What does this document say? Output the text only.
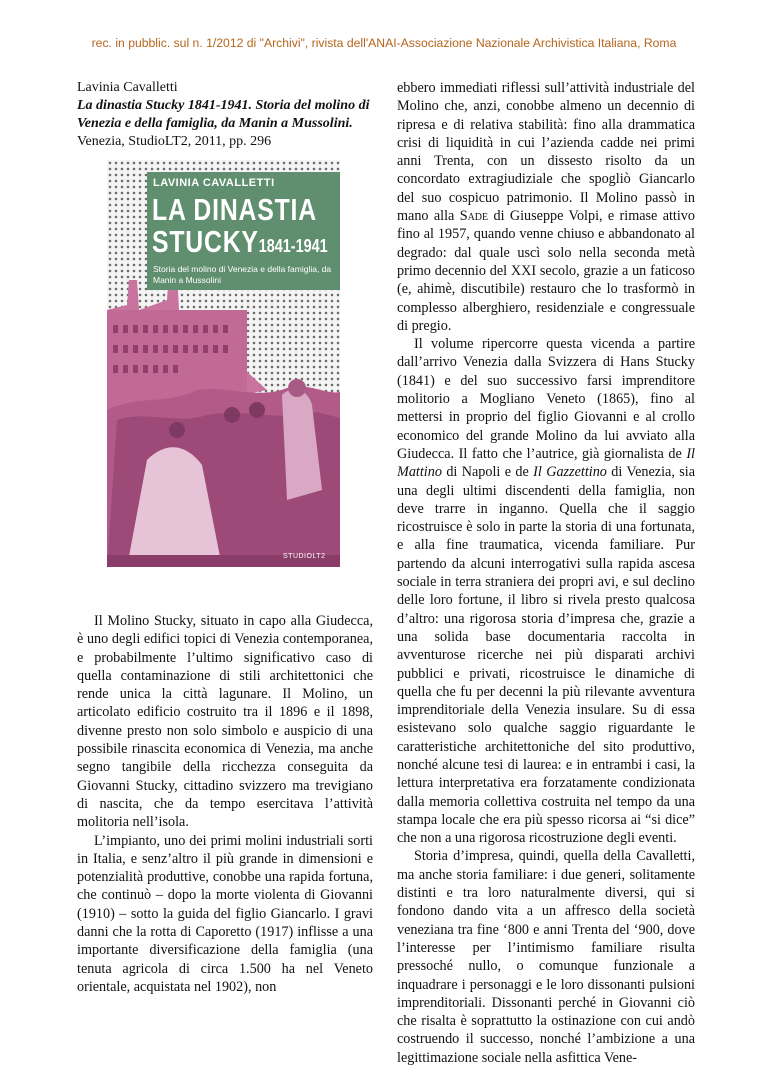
rec. in pubblic. sul n. 1/2012 di "Archivi", rivista dell'ANAI-Associazione Nazionale Archivistica Italiana, Roma
Lavinia Cavalletti
La dinastia Stucky 1841-1941. Storia del molino di Venezia e della famiglia, da Manin a Mussolini.
Venezia, StudioLT2, 2011, pp. 296
LAVINIA CAVALLETTI
LA DINASTIA
STUCKY1841-1941
Storia del molino di Venezia e della famiglia, da Manin a Mussolini
STUDIOLT2

Il Molino Stucky, situato in capo alla Giudecca, è uno degli edifici topici di Venezia contemporanea, e probabilmente l’ultimo significativo caso di quella contaminazione di stili architettonici che rende unica la città lagunare. Il Molino, un articolato edificio costruito tra il 1896 e il 1898, divenne presto non solo simbolo e auspicio di una possibile rinascita economica di Venezia, ma anche segno tangibile della ricchezza conseguita da Giovanni Stucky, cittadino svizzero ma trevigiano di nascita, che da tempo esercitava l’attività molitoria nell’isola.

L’impianto, uno dei primi molini industriali sorti in Italia, e senz’altro il più grande in dimensioni e potenzialità produttive, conobbe una rapida fortuna, che continuò – dopo la morte violenta di Giovanni (1910) – sotto la guida del figlio Giancarlo. I gravi danni che la rotta di Caporetto (1917) inflisse a una importante diversificazione della famiglia (una tenuta agricola di circa 1.500 ha nel Veneto orientale, acquistata nel 1902), non

ebbero immediati riflessi sull’attività industriale del Molino che, anzi, conobbe almeno un decennio di ripresa e di relativa stabilità: fino alla drammatica crisi di liquidità in cui l’azienda cadde nei primi anni Trenta, con un dissesto risolto da un concordato extragiudiziale che spogliò Giancarlo del suo cospicuo patrimonio. Il Molino passò in mano alla Sade di Giuseppe Volpi, e rimase attivo fino al 1957, quando venne chiuso e abbandonato al degrado: dal quale uscì solo nella seconda metà primo decennio del XXI secolo, grazie a un faticoso (e, ahimè, discutibile) restauro che lo trasformò in complesso alberghiero, residenziale e congressuale di pregio.

Il volume ripercorre questa vicenda a partire dall’arrivo Venezia dalla Svizzera di Hans Stucky (1841) e del suo successivo farsi imprenditore molitorio a Mogliano Veneto (1865), fino al mettersi in proprio del figlio Giovanni e al crollo economico del grande Molino da lui avviato alla Giudecca. Il fatto che l’autrice, già giornalista de Il Mattino di Napoli e de Il Gazzettino di Venezia, sia una degli ultimi discendenti della famiglia, non deve trarre in inganno. Quella che il saggio ricostruisce è solo in parte la storia di una fortunata, e alla fine traumatica, vicenda familiare. Pur partendo da alcuni interrogativi sulla rapida ascesa sociale in terra straniera dei propri avi, e sul declino delle loro fortune, il libro si rivela presto qualcosa d’altro: una rigorosa storia d’impresa che, grazie a una solida base documentaria raccolta in avventurose ricerche nei più disparati archivi pubblici e privati, ricostruisce le dinamiche di quella che fu per decenni la più rilevante avventura imprenditoriale della Venezia insulare. Su di essa esistevano solo qualche saggio riguardante le caratteristiche architettoniche del sito produttivo, nonché alcune tesi di laurea: e in entrambi i casi, la lettura interpretativa era forzatamente condizionata dalla memoria collettiva costruita nel tempo da una stampa locale che era più spesso ricorsa ai “si dice” che non a una rigorosa ricostruzione degli eventi.

Storia d’impresa, quindi, quella della Cavalletti, ma anche storia familiare: i due generi, solitamente distinti e tra loro naturalmente diversi, qui si fondono dando vita a un affresco della società veneziana tra fine ‘800 e anni Trenta del ‘900, dove l’interesse per l’intimismo familiare risulta pressoché nullo, o comunque funzionale a inquadrare i personaggi e le loro dissonanti pulsioni imprenditoriali. Dissonanti perché in Giovanni ciò che risalta è soprattutto la ostinazione con cui andò costruendo il successo, nonché l’ambizione a una legittimazione sociale nella asfittica Vene-
